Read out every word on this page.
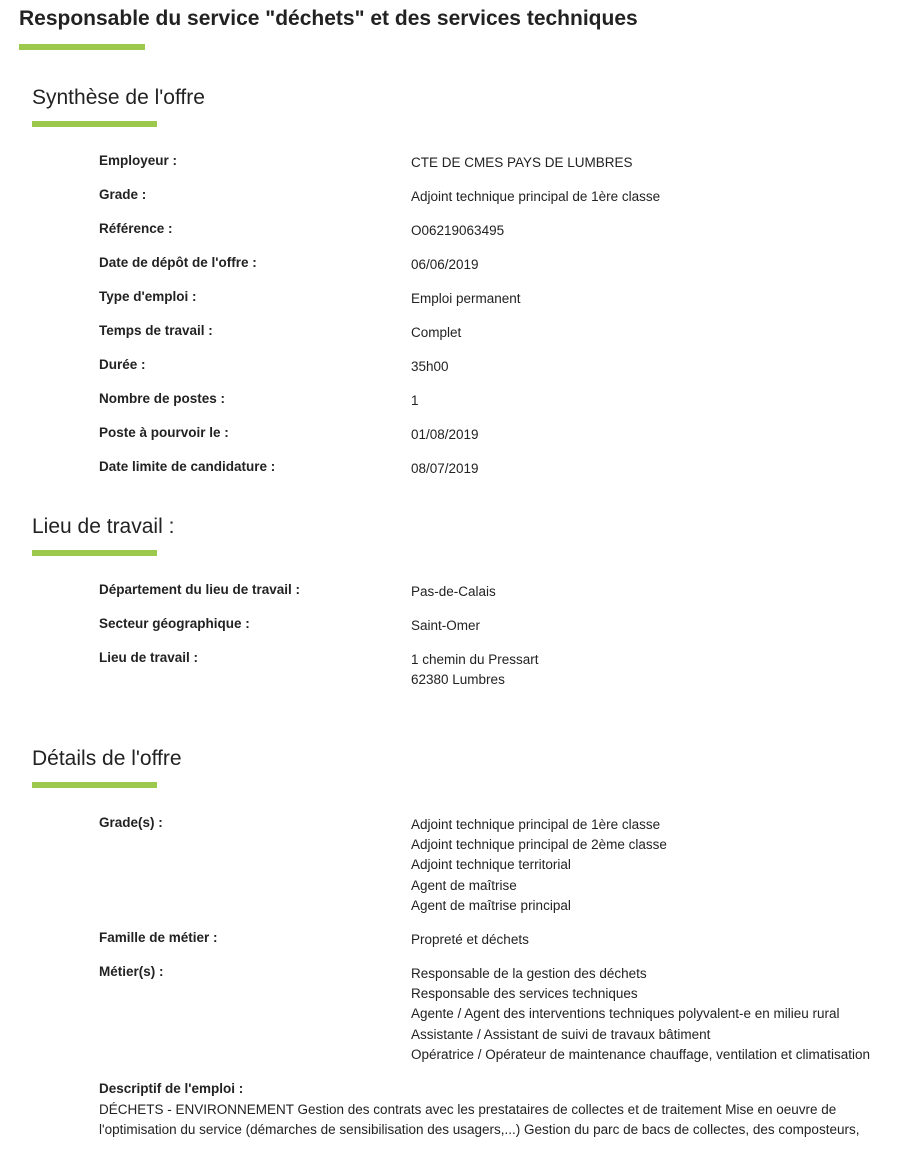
Responsable du service "déchets" et des services techniques
Synthèse de l'offre
Employeur :	CTE DE CMES PAYS DE LUMBRES
Grade :	Adjoint technique principal de 1ère classe
Référence :	O06219063495
Date de dépôt de l'offre :	06/06/2019
Type d'emploi :	Emploi permanent
Temps de travail :	Complet
Durée :	35h00
Nombre de postes :	1
Poste à pourvoir le :	01/08/2019
Date limite de candidature :	08/07/2019
Lieu de travail :
Département du lieu de travail :	Pas-de-Calais
Secteur géographique :	Saint-Omer
Lieu de travail :	1 chemin du Pressart
62380 Lumbres
Détails de l'offre
Grade(s) :	Adjoint technique principal de 1ère classe
Adjoint technique principal de 2ème classe
Adjoint technique territorial
Agent de maîtrise
Agent de maîtrise principal
Famille de métier :	Propreté et déchets
Métier(s) :	Responsable de la gestion des déchets
Responsable des services techniques
Agente / Agent des interventions techniques polyvalent-e en milieu rural
Assistante / Assistant de suivi de travaux bâtiment
Opératrice / Opérateur de maintenance chauffage, ventilation et climatisation
Descriptif de l'emploi :
DÉCHETS - ENVIRONNEMENT Gestion des contrats avec les prestataires de collectes et de traitement Mise en oeuvre de
l'optimisation du service (démarches de sensibilisation des usagers,...) Gestion du parc de bacs de collectes, des composteurs,
